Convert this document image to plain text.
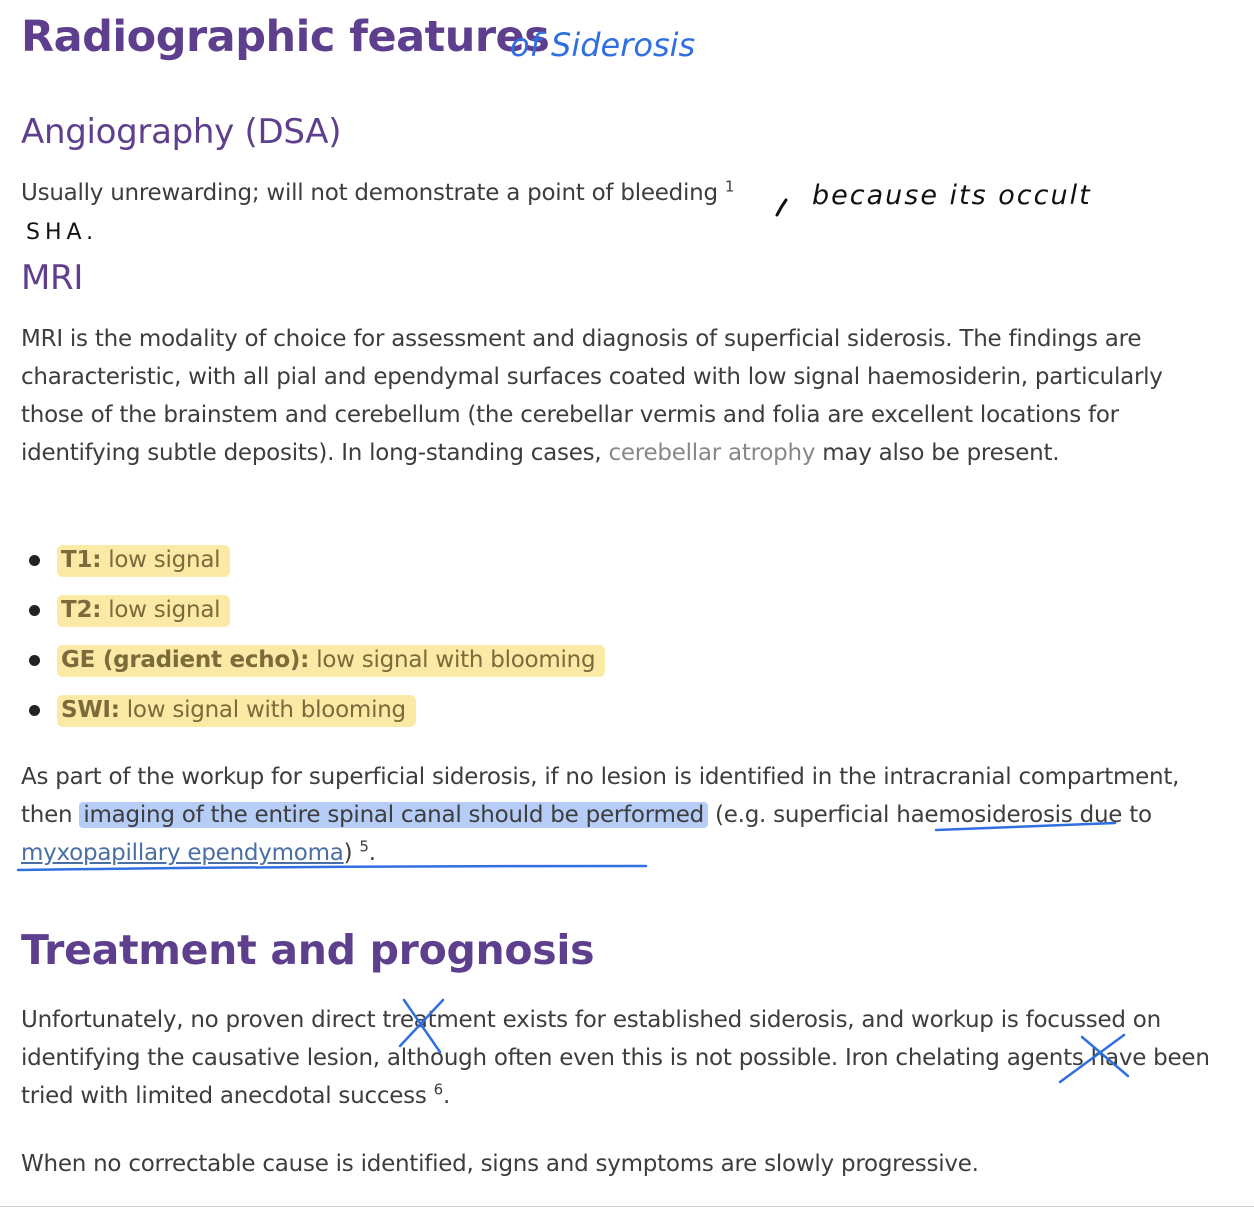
Radiographic features
Angiography (DSA)

Usually unrewarding; will not demonstrate a point of bleeding $^1$

MRI

MRI is the modality of choice for assessment and diagnosis of superficial siderosis. The findings are characteristic, with all pial and ependymal surfaces coated with low signal haemosiderin, particularly those of the brainstem and cerebellum (the cerebellar vermis and folia are excellent locations for identifying subtle deposits). In long-standing cases, cerebellar atrophy may also be present.

T1: low signal
T2: low signal
GE (gradient echo): low signal with blooming
SWI: low signal with blooming

As part of the workup for superficial siderosis, if no lesion is identified in the intracranial compartment, then imaging of the entire spinal canal should be performed (e.g. superficial haemosiderosis due to myxopapillary ependymoma) $^5$.

Treatment and prognosis

Unfortunately, no proven direct treatment exists for established siderosis, and workup is focussed on identifying the causative lesion, although often even this is not possible. Iron chelating agents have been tried with limited anecdotal success $^6$.

When no correctable cause is identified, signs and symptoms are slowly progressive.

of Siderosis
because its occult
SHA.
